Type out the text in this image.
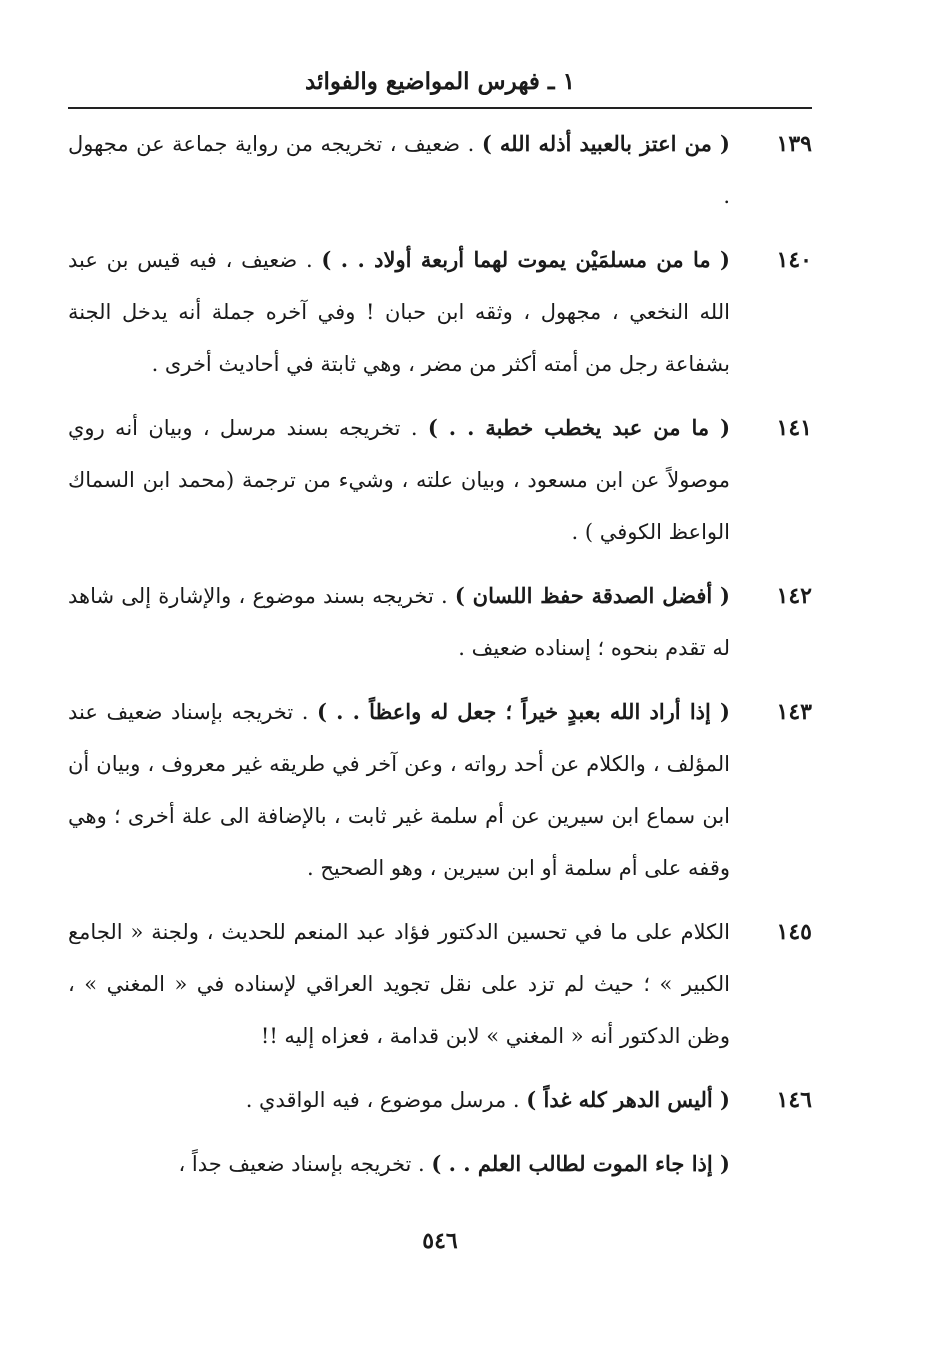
١ ـ فهرس المواضيع والفوائد
١٣٩
( من اعتز بالعبيد أذله الله ) . ضعيف ، تخريجه من رواية جماعة عن مجهول .
١٤٠
( ما من مسلمَيْن يموت لهما أربعة أولاد . . ) . ضعيف ، فيه قيس بن عبد الله النخعي ، مجهول ، وثقه ابن حبان ! وفي آخره جملة أنه يدخل الجنة بشفاعة رجل من أمته أكثر من مضر ، وهي ثابتة في أحاديث أخرى .
١٤١
( ما من عبد يخطب خطبة . . ) . تخريجه بسند مرسل ، وبيان أنه روي موصولاً عن ابن مسعود ، وبيان علته ، وشيء من ترجمة (محمد ابن السماك الواعظ الكوفي ) .
١٤٢
( أفضل الصدقة حفظ اللسان ) . تخريجه بسند موضوع ، والإشارة إلى شاهد له تقدم بنحوه ؛ إسناده ضعيف .
١٤٣
( إذا أراد الله بعبدٍ خيراً ؛ جعل له واعظاً . . ) . تخريجه بإسناد ضعيف عند المؤلف ، والكلام عن أحد رواته ، وعن آخر في طريقه غير معروف ، وبيان أن ابن سماع ابن سيرين عن أم سلمة غير ثابت ، بالإضافة الى علة أخرى ؛ وهي وقفه على أم سلمة أو ابن سيرين ، وهو الصحيح .
١٤٥
الكلام على ما في تحسين الدكتور فؤاد عبد المنعم للحديث ، ولجنة « الجامع الكبير » ؛ حيث لم تزد على نقل تجويد العراقي لإسناده في « المغني » ، وظن الدكتور أنه « المغني » لابن قدامة ، فعزاه إليه !!
١٤٦
( أليس الدهر كله غداً ) . مرسل موضوع ، فيه الواقدي .
( إذا جاء الموت لطالب العلم . . ) . تخريجه بإسناد ضعيف جداً ،
٥٤٦
